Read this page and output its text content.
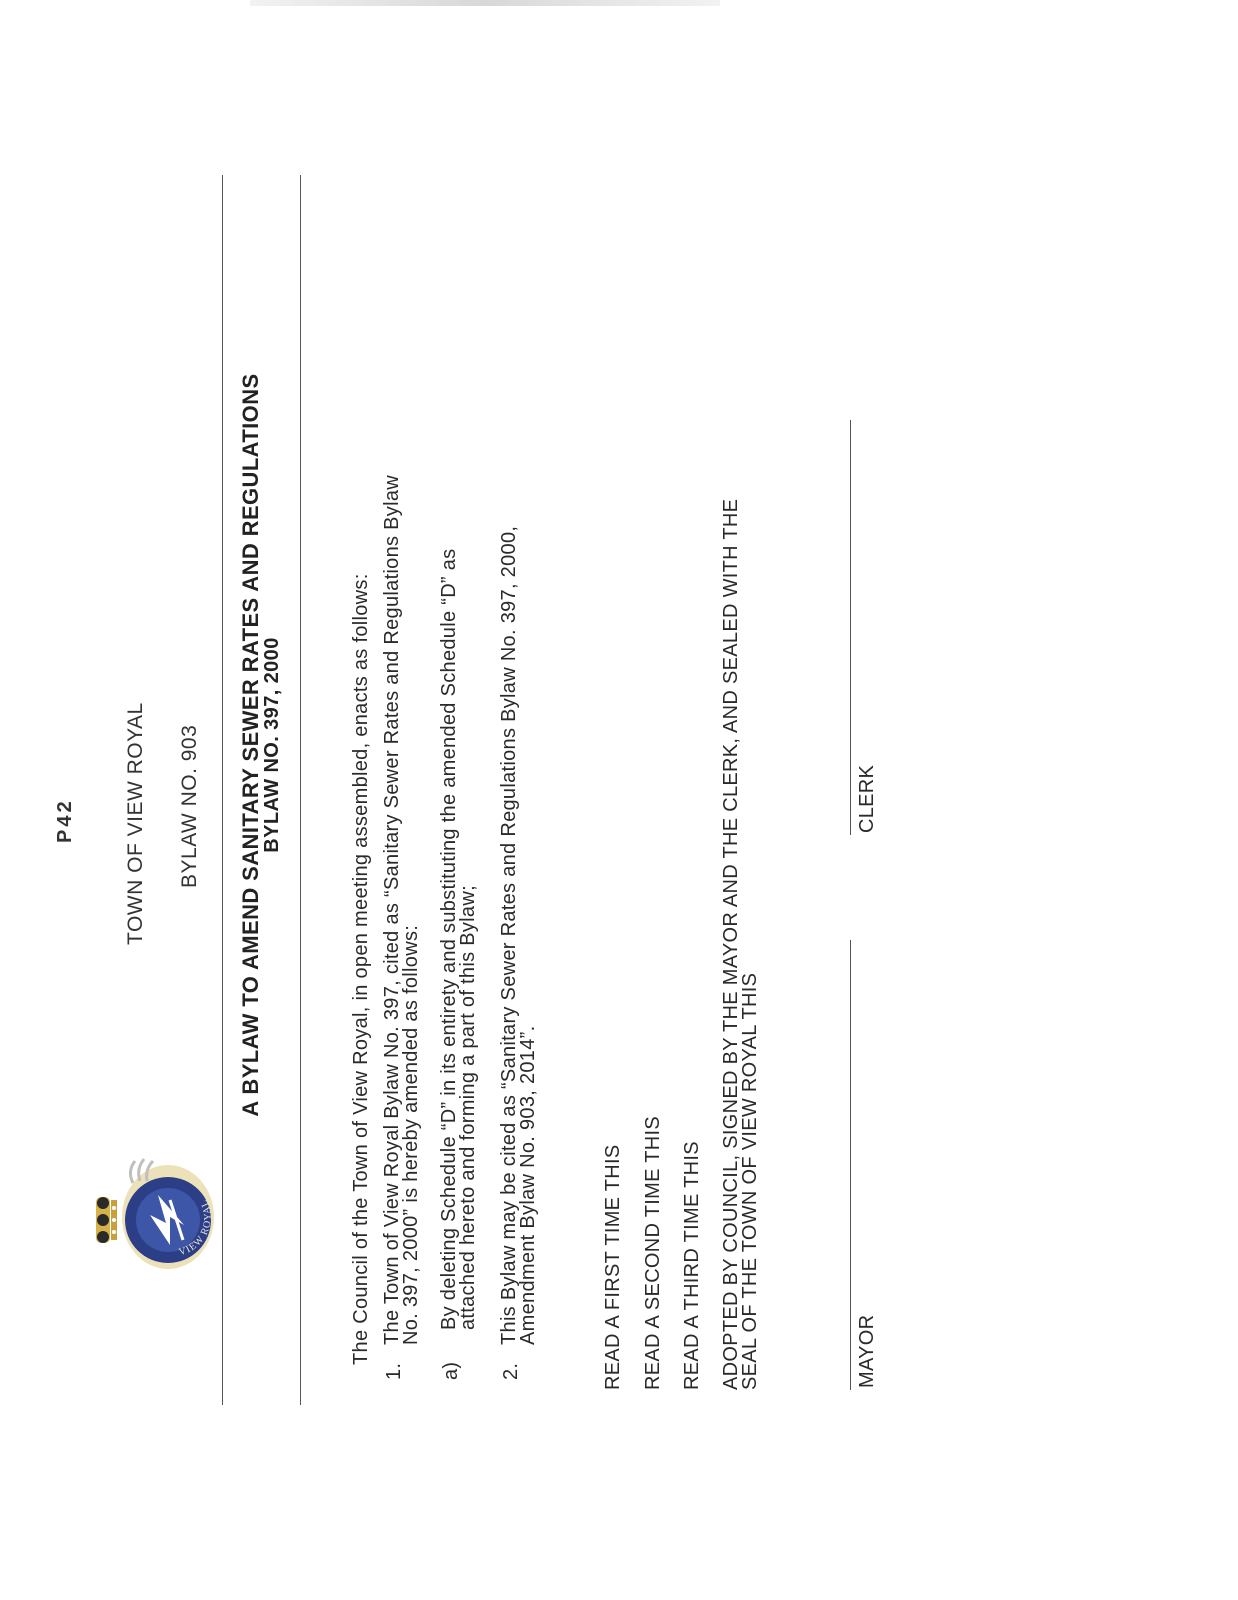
P42 TOWN OF VIEW ROYAL BYLAW NO. 903
VIEW ROYAL
A BYLAW TO AMEND SANITARY SEWER RATES AND REGULATIONS
BYLAW NO. 397, 2000	The Council of the Town of View Royal, in open meeting assembled, enacts as follows:
1.
The Town of View Royal Bylaw No. 397, cited as “Sanitary Sewer Rates and Regulations Bylaw
No. 397, 2000” is hereby amended as follows:
a)
By deleting Schedule “D” in its entirety and substituting the amended Schedule “D” as
attached hereto and forming a part of this Bylaw;
2.
This Bylaw may be cited as “Sanitary Sewer Rates and Regulations Bylaw No. 397, 2000,
Amendment Bylaw No. 903, 2014”.	READ A FIRST TIME THIS READ A SECOND TIME THIS READ A THIRD TIME THIS ADOPTED BY COUNCIL, SIGNED BY THE MAYOR AND THE CLERK, AND SEALED WITH THE
SEAL OF THE TOWN OF VIEW ROYAL THIS	MAYOR
CLERK
